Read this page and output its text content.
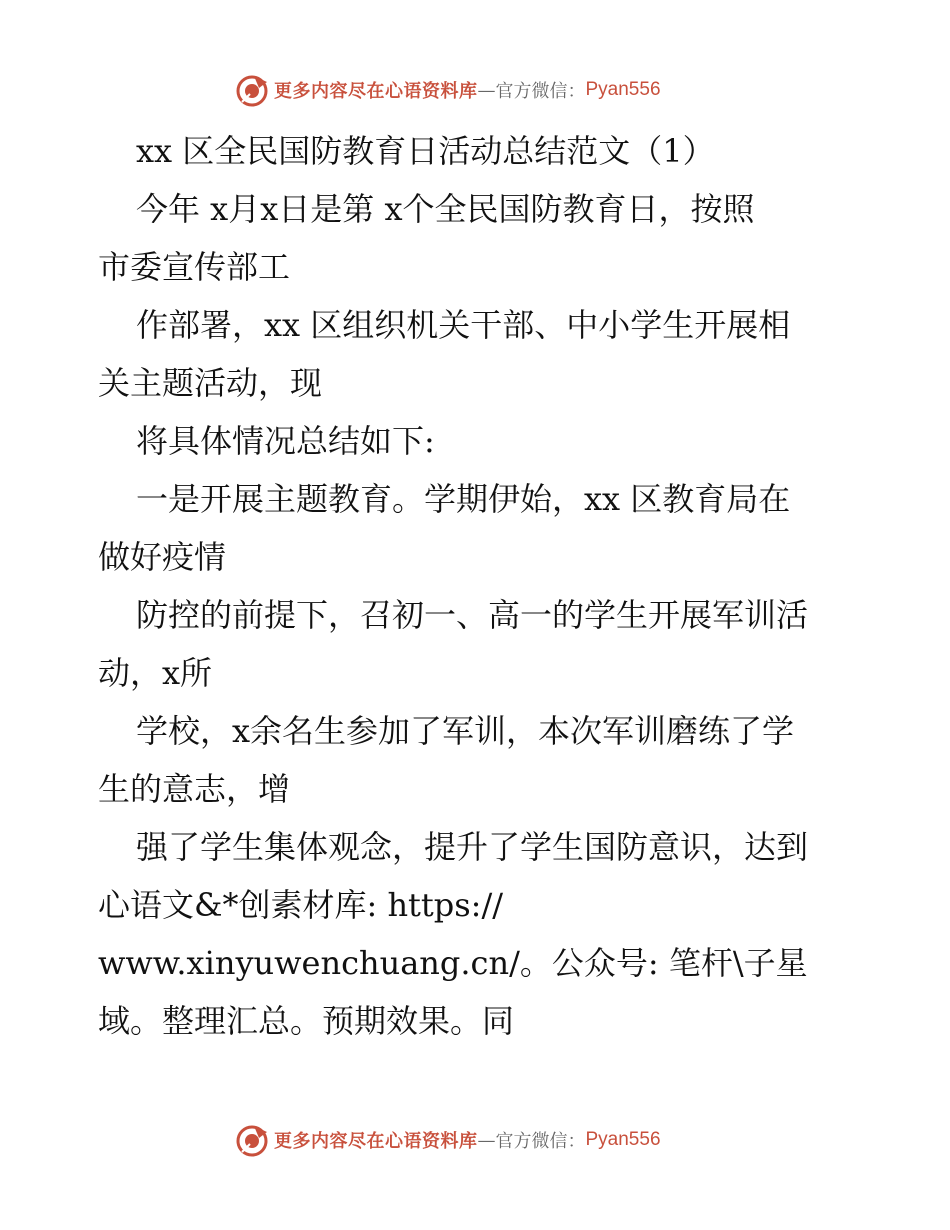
更多内容尽在心语资料库 — 官方微信： Pyan556
xx 区全民国防教育日活动总结范文（1）
今年 x月x日是第 x个全民国防教育日，按照
市委宣传部工
作部署，xx 区组织机关干部、中小学生开展相
关主题活动，现
将具体情况总结如下:
一是开展主题教育。学期伊始，xx 区教育局在
做好疫情
防控的前提下，召初一、高一的学生开展军训活
动，x所
学校，x余名生参加了军训，本次军训磨练了学
生的意志，增
强了学生集体观念，提升了学生国防意识，达到
心语文&*创素材库: https://
www.xinyuwenchuang.cn/。公众号: 笔杆\子星
域。整理汇总。预期效果。同
更多内容尽在心语资料库 — 官方微信： Pyan556
